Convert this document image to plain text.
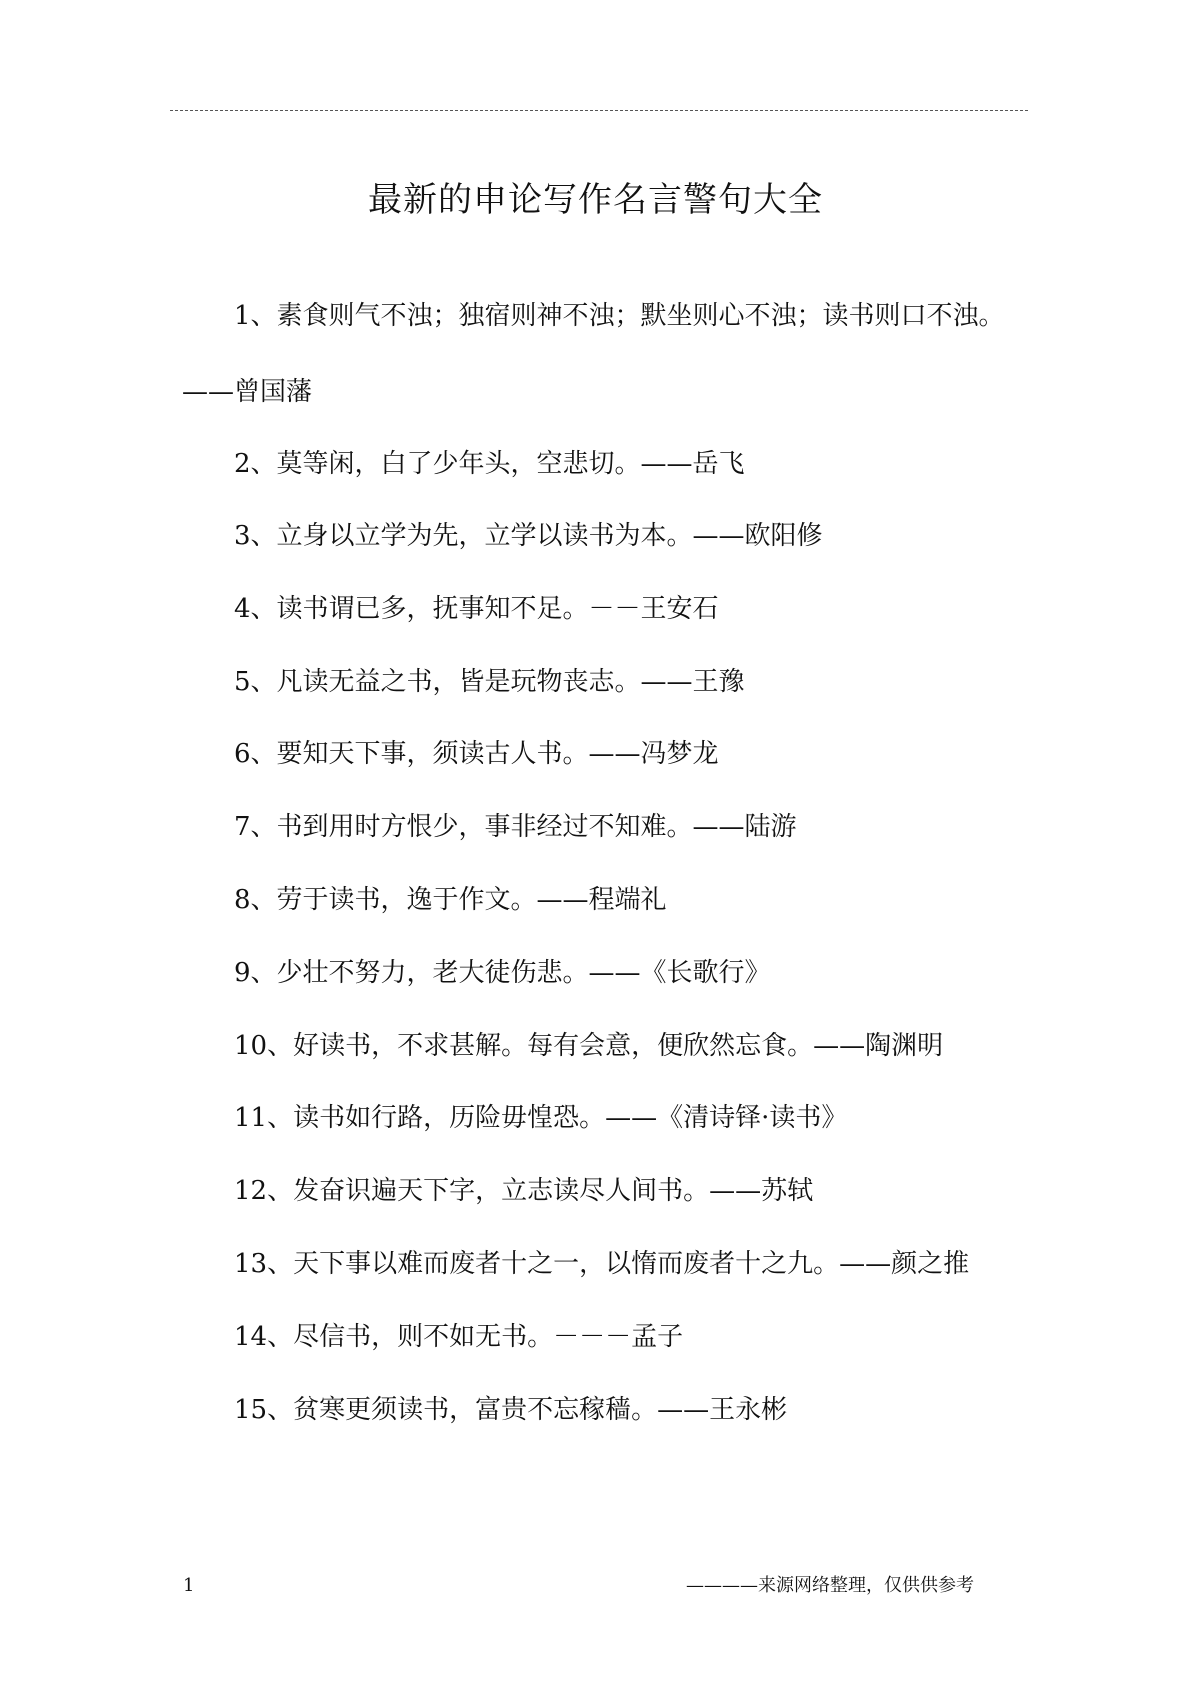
最新的申论写作名言警句大全
1、素食则气不浊；独宿则神不浊；默坐则心不浊；读书则口不浊。——曾国藩
2、莫等闲，白了少年头，空悲切。——岳飞
3、立身以立学为先，立学以读书为本。——欧阳修
4、读书谓已多，抚事知不足。－－王安石
5、凡读无益之书，皆是玩物丧志。——王豫
6、要知天下事，须读古人书。——冯梦龙
7、书到用时方恨少，事非经过不知难。——陆游
8、劳于读书，逸于作文。——程端礼
9、少壮不努力，老大徒伤悲。——《长歌行》
10、好读书，不求甚解。每有会意，便欣然忘食。——陶渊明
11、读书如行路，历险毋惶恐。——《清诗铎·读书》
12、发奋识遍天下字，立志读尽人间书。——苏轼
13、天下事以难而废者十之一，以惰而废者十之九。——颜之推
14、尽信书，则不如无书。－－－孟子
15、贫寒更须读书，富贵不忘稼穑。——王永彬
1	————来源网络整理，仅供供参考
